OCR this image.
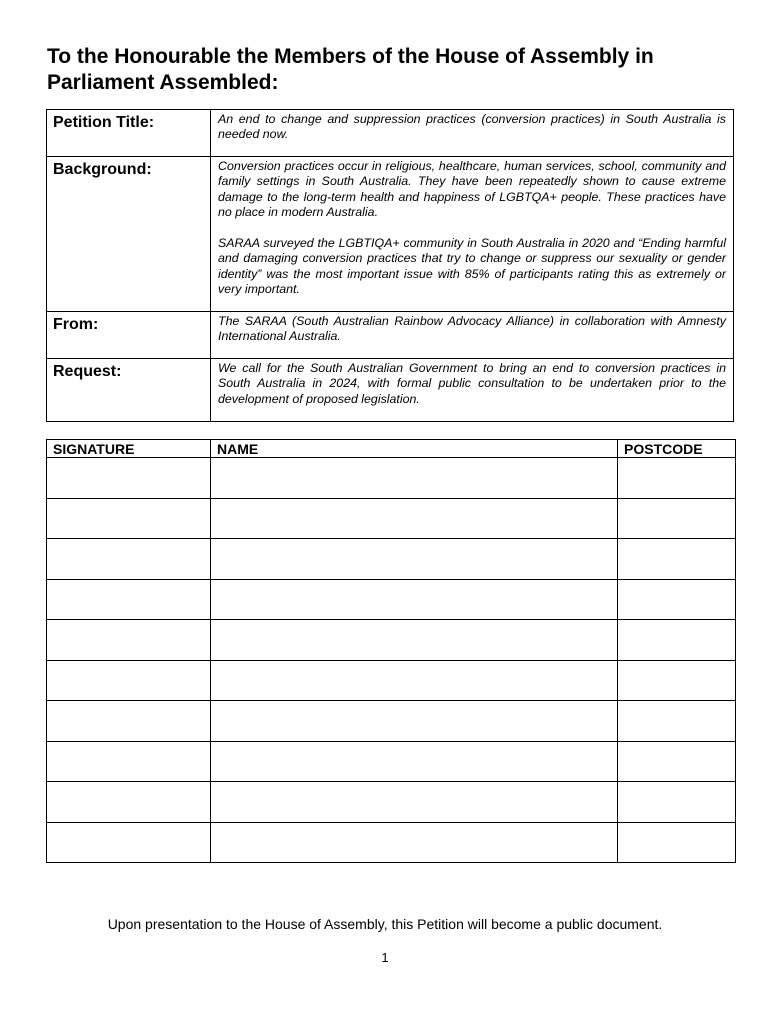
To the Honourable the Members of the House of Assembly in Parliament Assembled:
Petition Title:	An end to change and suppression practices (conversion practices) in South Australia is needed now.

Background:	Conversion practices occur in religious, healthcare, human services, school, community and family settings in South Australia. They have been repeatedly shown to cause extreme damage to the long-term health and happiness of LGBTQA+ people. These practices have no place in modern Australia.

SARAA surveyed the LGBTIQA+ community in South Australia in 2020 and “Ending harmful and damaging conversion practices that try to change or suppress our sexuality or gender identity” was the most important issue with 85% of participants rating this as extremely or very important.

From:	The SARAA (South Australian Rainbow Advocacy Alliance) in collaboration with Amnesty International Australia.

Request:	We call for the South Australian Government to bring an end to conversion practices in South Australia in 2024, with formal public consultation to be undertaken prior to the development of proposed legislation.

SIGNATURE	NAME	POSTCODE

Upon presentation to the House of Assembly, this Petition will become a public document.
1
